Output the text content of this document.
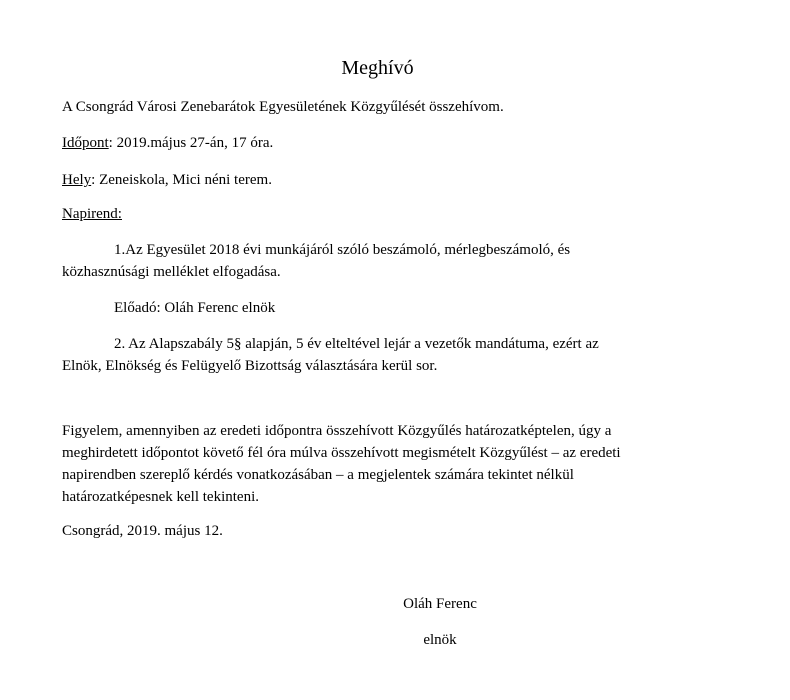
Meghívó
A Csongrád Városi Zenebarátok Egyesületének Közgyűlését összehívom.
Időpont: 2019.május 27-án, 17 óra.
Hely: Zeneiskola, Mici néni terem.
Napirend:
1.Az Egyesület 2018 évi munkájáról szóló beszámoló, mérlegbeszámoló, és
közhasznúsági melléklet elfogadása.
Előadó: Oláh Ferenc elnök
2. Az Alapszabály 5§ alapján, 5 év elteltével lejár a vezetők mandátuma, ezért az
Elnök, Elnökség és Felügyelő Bizottság választására kerül sor.
Figyelem, amennyiben az eredeti időpontra összehívott Közgyűlés határozatképtelen, úgy a
meghirdetett időpontot követő fél óra múlva összehívott megismételt Közgyűlést – az eredeti
napirendben szereplő kérdés vonatkozásában – a megjelentek számára tekintet nélkül
határozatképesnek kell tekinteni.
Csongrád, 2019. május 12.
Oláh Ferenc
elnök
